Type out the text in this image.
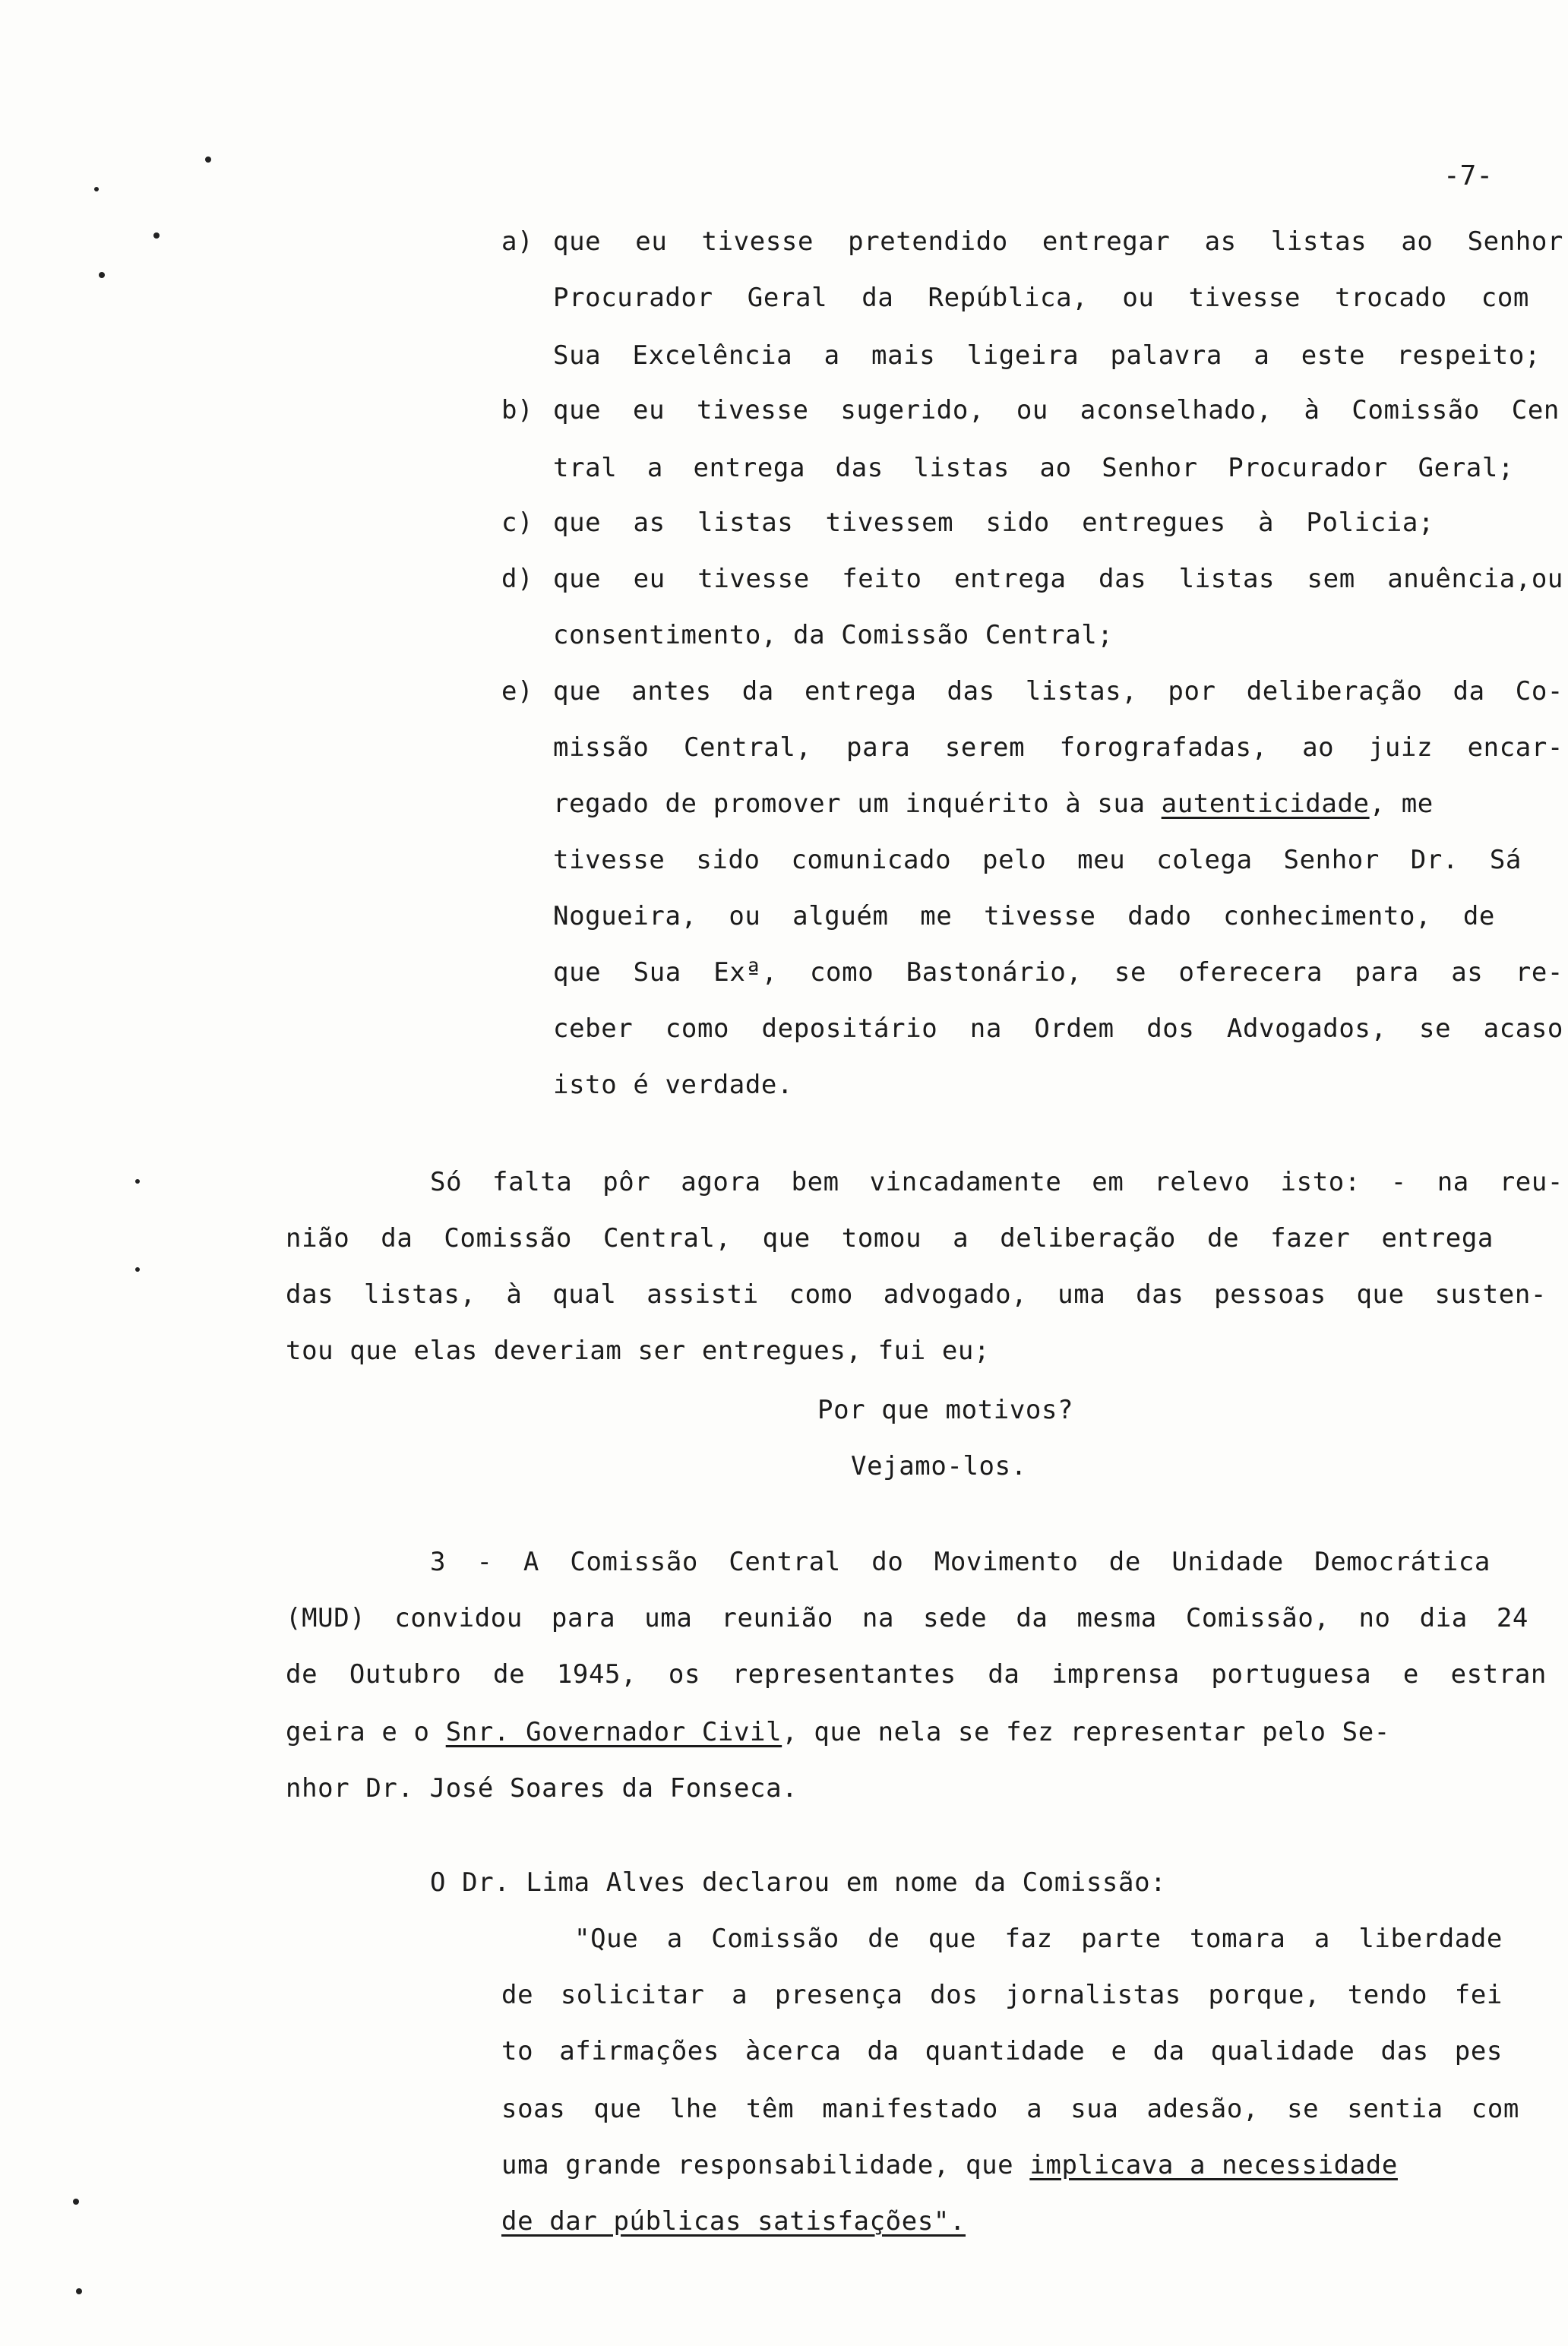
-7-
a) que eu tivesse pretendido entregar as listas ao Senhor
Procurador Geral da República, ou tivesse trocado com
Sua Excelência a mais ligeira palavra a este respeito;
b) que eu tivesse sugerido, ou aconselhado, à Comissão Cen
tral a entrega das listas ao Senhor Procurador Geral;
c) que as listas tivessem sido entregues à Policia;
d) que eu tivesse feito entrega das listas sem anuência,ou
consentimento, da Comissão Central;
e) que antes da entrega das listas, por deliberação da Co-
missão Central, para serem forografadas, ao juiz encar-
regado de promover um inquérito à sua autenticidade, me
tivesse sido comunicado pelo meu colega Senhor Dr. Sá
Nogueira, ou alguém me tivesse dado conhecimento, de
que Sua Exª, como Bastonário, se oferecera para as re-
ceber como depositário na Ordem dos Advogados, se acaso
isto é verdade.
Só falta pôr agora bem vincadamente em relevo isto: - na reu-
nião da Comissão Central, que tomou a deliberação de fazer entrega
das listas, à qual assisti como advogado, uma das pessoas que susten-
tou que elas deveriam ser entregues, fui eu;
Por que motivos?
Vejamo-los.
3 - A Comissão Central do Movimento de Unidade Democrática
(MUD) convidou para uma reunião na sede da mesma Comissão, no dia 24
de Outubro de 1945, os representantes da imprensa portuguesa e estran
geira e o Snr. Governador Civil, que nela se fez representar pelo Se-
nhor Dr. José Soares da Fonseca.
O Dr. Lima Alves declarou em nome da Comissão:
"Que a Comissão de que faz parte tomara a liberdade
de solicitar a presença dos jornalistas porque, tendo fei
to afirmações àcerca da quantidade e da qualidade das pes
soas que lhe têm manifestado a sua adesão, se sentia com
uma grande responsabilidade, que implicava a necessidade
de dar públicas satisfações".
